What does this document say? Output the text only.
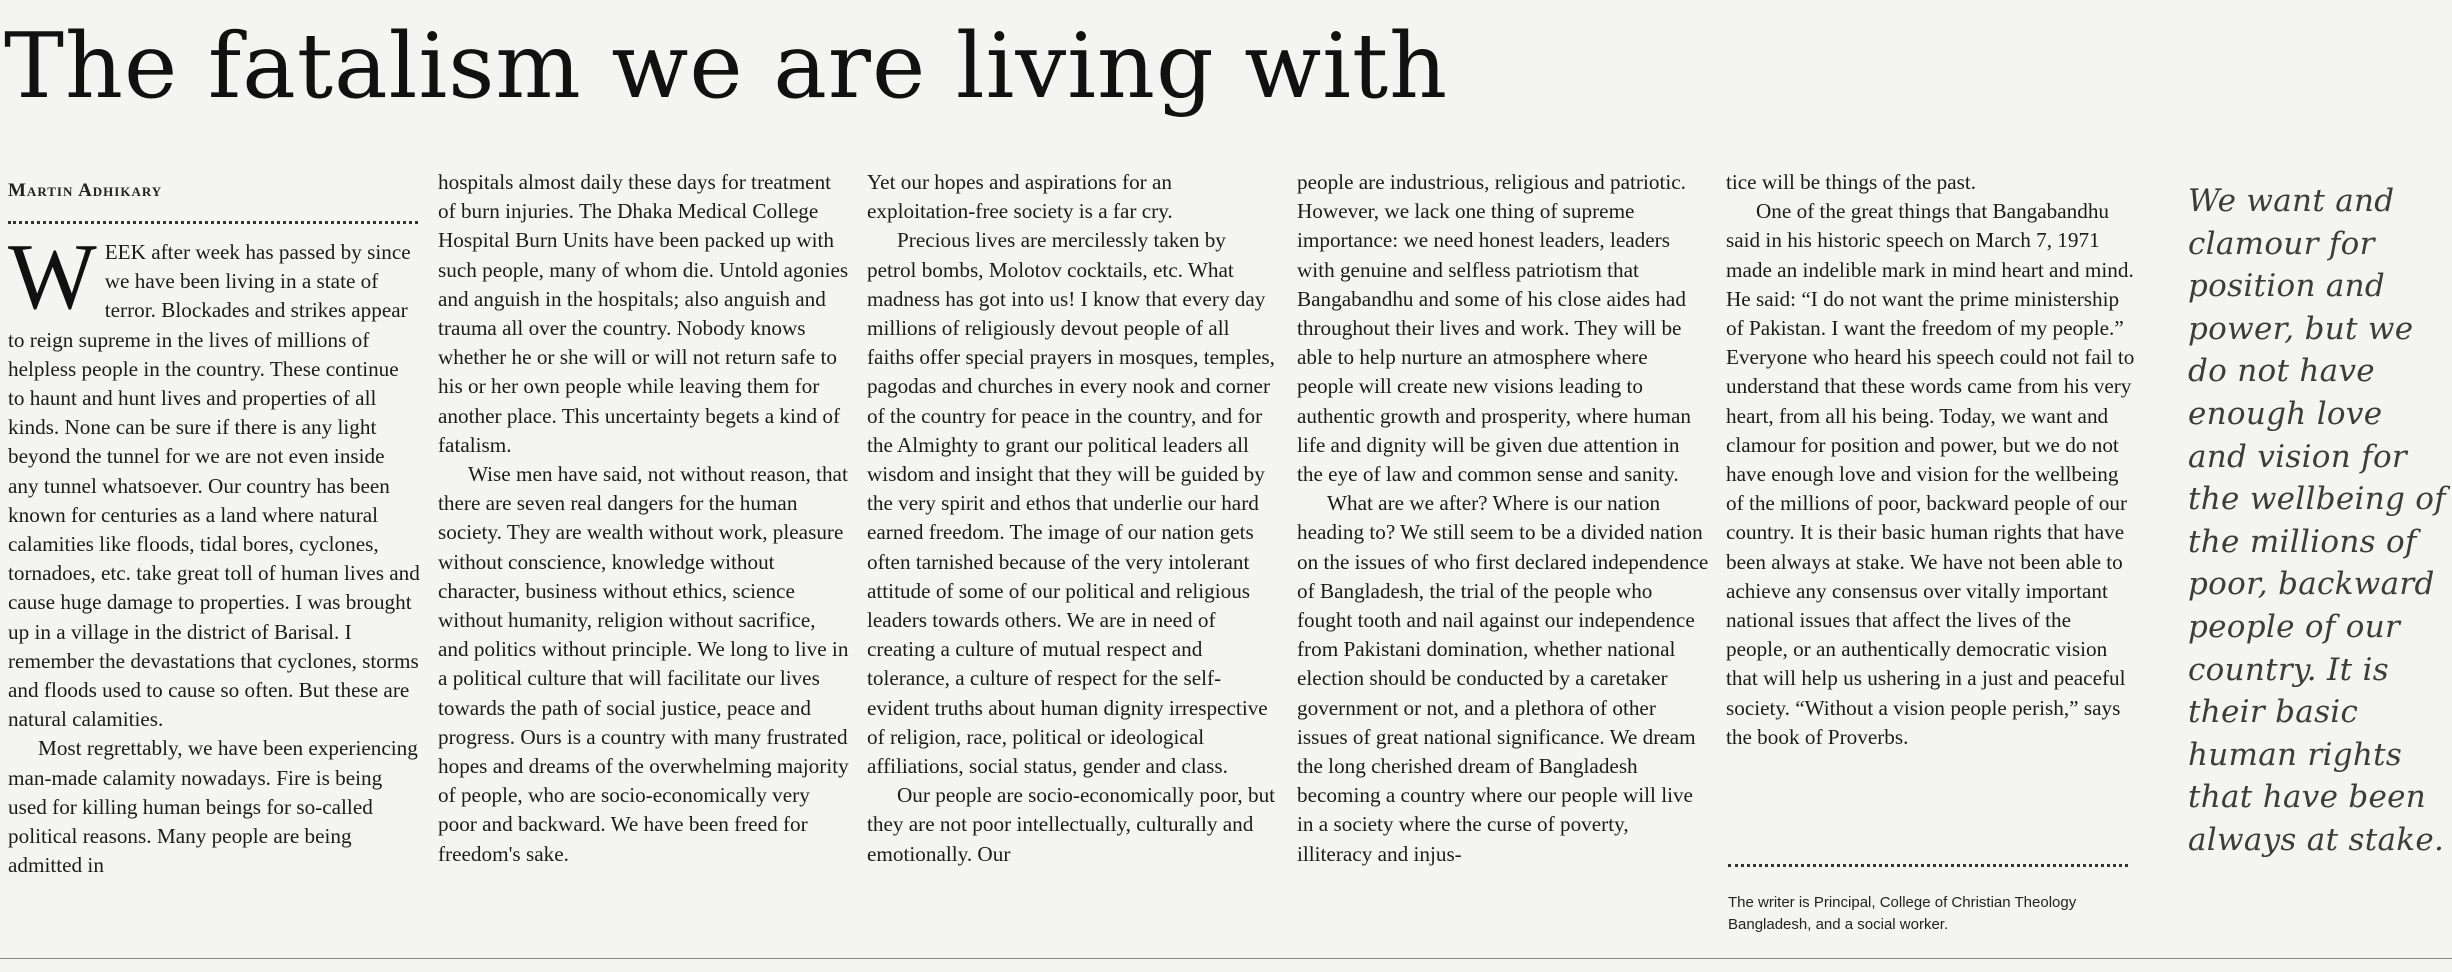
The fatalism we are living with
Martin Adhikary

WEEK after week has passed by since we have been living in a state of terror. Blockades and strikes appear to reign supreme in the lives of millions of helpless people in the country. These continue to haunt and hunt lives and properties of all kinds. None can be sure if there is any light beyond the tunnel for we are not even inside any tunnel whatsoever. Our country has been known for centuries as a land where natural calamities like floods, tidal bores, cyclones, tornadoes, etc. take great toll of human lives and cause huge damage to properties. I was brought up in a village in the district of Barisal. I remember the devastations that cyclones, storms and floods used to cause so often. But these are natural calamities.

Most regrettably, we have been experiencing man-made calamity nowadays. Fire is being used for killing human beings for so-called political reasons. Many people are being admitted in

hospitals almost daily these days for treatment of burn injuries. The Dhaka Medical College Hospital Burn Units have been packed up with such people, many of whom die. Untold agonies and anguish in the hospitals; also anguish and trauma all over the country. Nobody knows whether he or she will or will not return safe to his or her own people while leaving them for another place. This uncertainty begets a kind of fatalism.

Wise men have said, not without reason, that there are seven real dangers for the human society. They are wealth without work, pleasure without conscience, knowledge without character, business without ethics, science without humanity, religion without sacrifice, and politics without principle. We long to live in a political culture that will facilitate our lives towards the path of social justice, peace and progress. Ours is a country with many frustrated hopes and dreams of the overwhelming majority of people, who are socio-economically very poor and backward. We have been freed for freedom's sake.

Yet our hopes and aspirations for an exploitation-free society is a far cry.

Precious lives are mercilessly taken by petrol bombs, Molotov cocktails, etc. What madness has got into us! I know that every day millions of religiously devout people of all faiths offer special prayers in mosques, temples, pagodas and churches in every nook and corner of the country for peace in the country, and for the Almighty to grant our political leaders all wisdom and insight that they will be guided by the very spirit and ethos that underlie our hard earned freedom. The image of our nation gets often tarnished because of the very intolerant attitude of some of our political and religious leaders towards others. We are in need of creating a culture of mutual respect and tolerance, a culture of respect for the self-evident truths about human dignity irrespective of religion, race, political or ideological affiliations, social status, gender and class.

Our people are socio-economically poor, but they are not poor intellectually, culturally and emotionally. Our

people are industrious, religious and patriotic. However, we lack one thing of supreme importance: we need honest leaders, leaders with genuine and selfless patriotism that Bangabandhu and some of his close aides had throughout their lives and work. They will be able to help nurture an atmosphere where people will create new visions leading to authentic growth and prosperity, where human life and dignity will be given due attention in the eye of law and common sense and sanity.

What are we after? Where is our nation heading to? We still seem to be a divided nation on the issues of who first declared independence of Bangladesh, the trial of the people who fought tooth and nail against our independence from Pakistani domination, whether national election should be conducted by a caretaker government or not, and a plethora of other issues of great national significance. We dream the long cherished dream of Bangladesh becoming a country where our people will live in a society where the curse of poverty, illiteracy and injus-

tice will be things of the past.

One of the great things that Bangabandhu said in his historic speech on March 7, 1971 made an indelible mark in mind heart and mind. He said: “I do not want the prime ministership of Pakistan. I want the freedom of my people.” Everyone who heard his speech could not fail to understand that these words came from his very heart, from all his being. Today, we want and clamour for position and power, but we do not have enough love and vision for the wellbeing of the millions of poor, backward people of our country. It is their basic human rights that have been always at stake. We have not been able to achieve any consensus over vitally important national issues that affect the lives of the people, or an authentically democratic vision that will help us ushering in a just and peaceful society. “Without a vision people perish,” says the book of Proverbs.

The writer is Principal, College of Christian Theology Bangladesh, and a social worker.
We want and clamour for position and power, but we do not have enough love and vision for the wellbeing of the millions of poor, backward people of our country. It is their basic human rights that have been always at stake.
